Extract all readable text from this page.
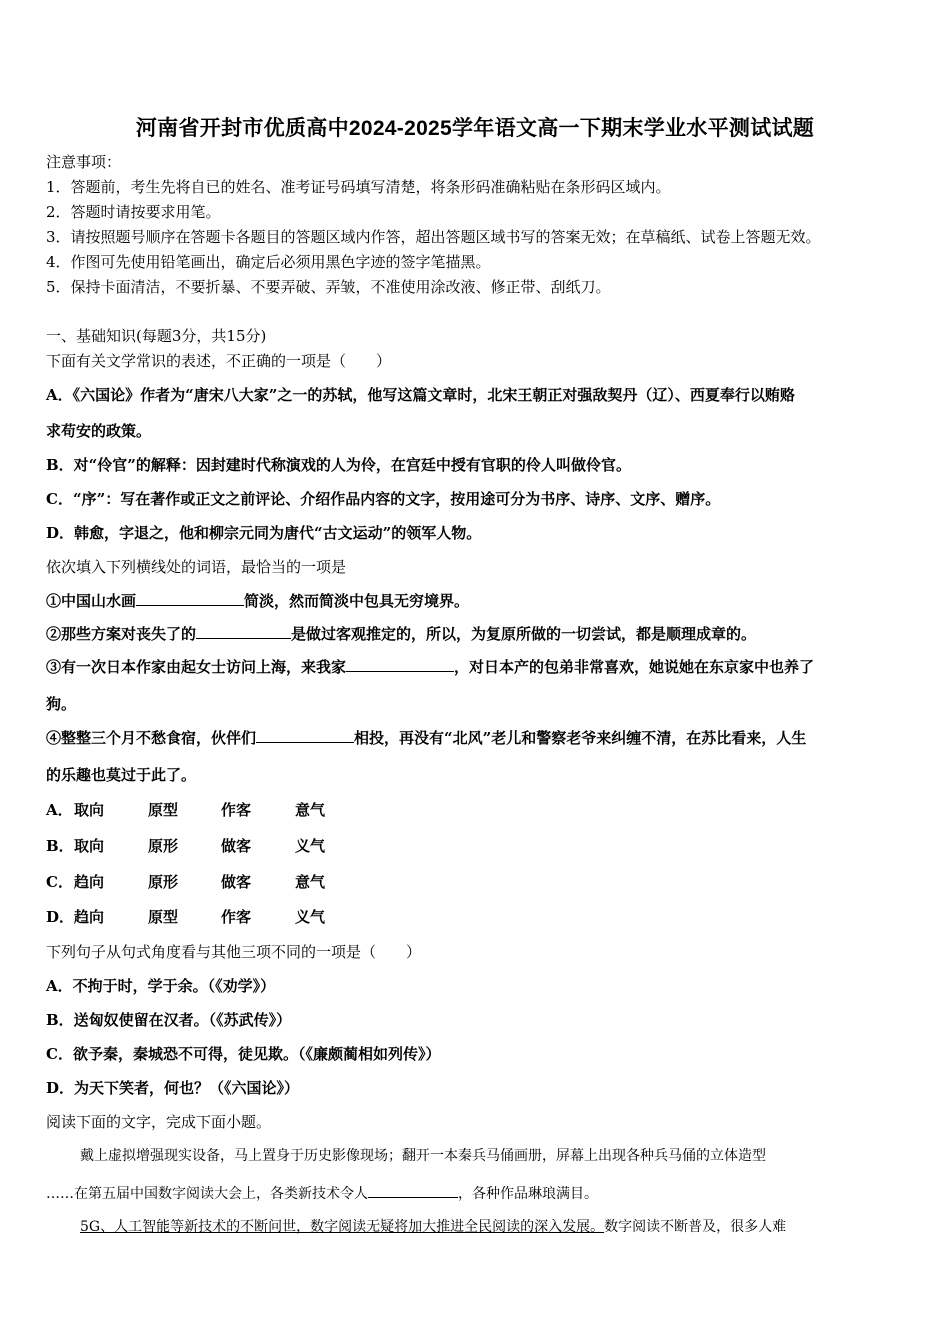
河南省开封市优质高中2024-2025学年语文高一下期末学业水平测试试题
注意事项：
1．答题前，考生先将自已的姓名、准考证号码填写清楚，将条形码准确粘贴在条形码区域内。
2．答题时请按要求用笔。
3．请按照题号顺序在答题卡各题目的答题区域内作答，超出答题区域书写的答案无效；在草稿纸、试卷上答题无效。
4．作图可先使用铅笔画出，确定后必须用黑色字迹的签字笔描黑。
5．保持卡面清洁，不要折暴、不要弄破、弄皱，不准使用涂改液、修正带、刮纸刀。
一、基础知识(每题3分，共15分)
下面有关文学常识的表述，不正确的一项是（　　）
A．《六国论》作者为“唐宋八大家”之一的苏轼，他写这篇文章时，北宋王朝正对强敌契丹（辽）、西夏奉行以贿赂
求苟安的政策。
B．对“伶官”的解释：因封建时代称演戏的人为伶，在宫廷中授有官职的伶人叫做伶官。
C．“序”：写在著作或正文之前评论、介绍作品内容的文字，按用途可分为书序、诗序、文序、赠序。
D．韩愈，字退之，他和柳宗元同为唐代“古文运动”的领军人物。
依次填入下列横线处的词语，最恰当的一项是
①中国山水画	简淡，然而简淡中包具无穷境界。
②那些方案对丧失了的	是做过客观推定的，所以，为复原所做的一切尝试，都是顺理成章的。
③有一次日本作家由起女士访问上海，来我家	，对日本产的包弟非常喜欢，她说她在东京家中也养了
狗。
④整整三个月不愁食宿，伙伴们	相投，再没有“北风”老儿和警察老爷来纠缠不清，在苏比看来，人生
的乐趣也莫过于此了。
A． 取向	原型	作客	意气
B． 取向	原形	做客	义气
C． 趋向	原形	做客	意气
D． 趋向	原型	作客	义气
下列句子从句式角度看与其他三项不同的一项是（　　）
A．不拘于时，学于余。（《劝学》）
B．送匈奴使留在汉者。（《苏武传》）
C．欲予秦，秦城恐不可得，徒见欺。（《廉颇蔺相如列传》）
D．为天下笑者，何也？（《六国论》）
阅读下面的文字，完成下面小题。
戴上虚拟增强现实设备，马上置身于历史影像现场；翻开一本秦兵马俑画册，屏幕上出现各种兵马俑的立体造型
……在第五届中国数字阅读大会上，各类新技术令人	，各种作品琳琅满目。
5G、人工智能等新技术的不断问世，数字阅读无疑将加大推进全民阅读的深入发展。数字阅读不断普及，很多人难
